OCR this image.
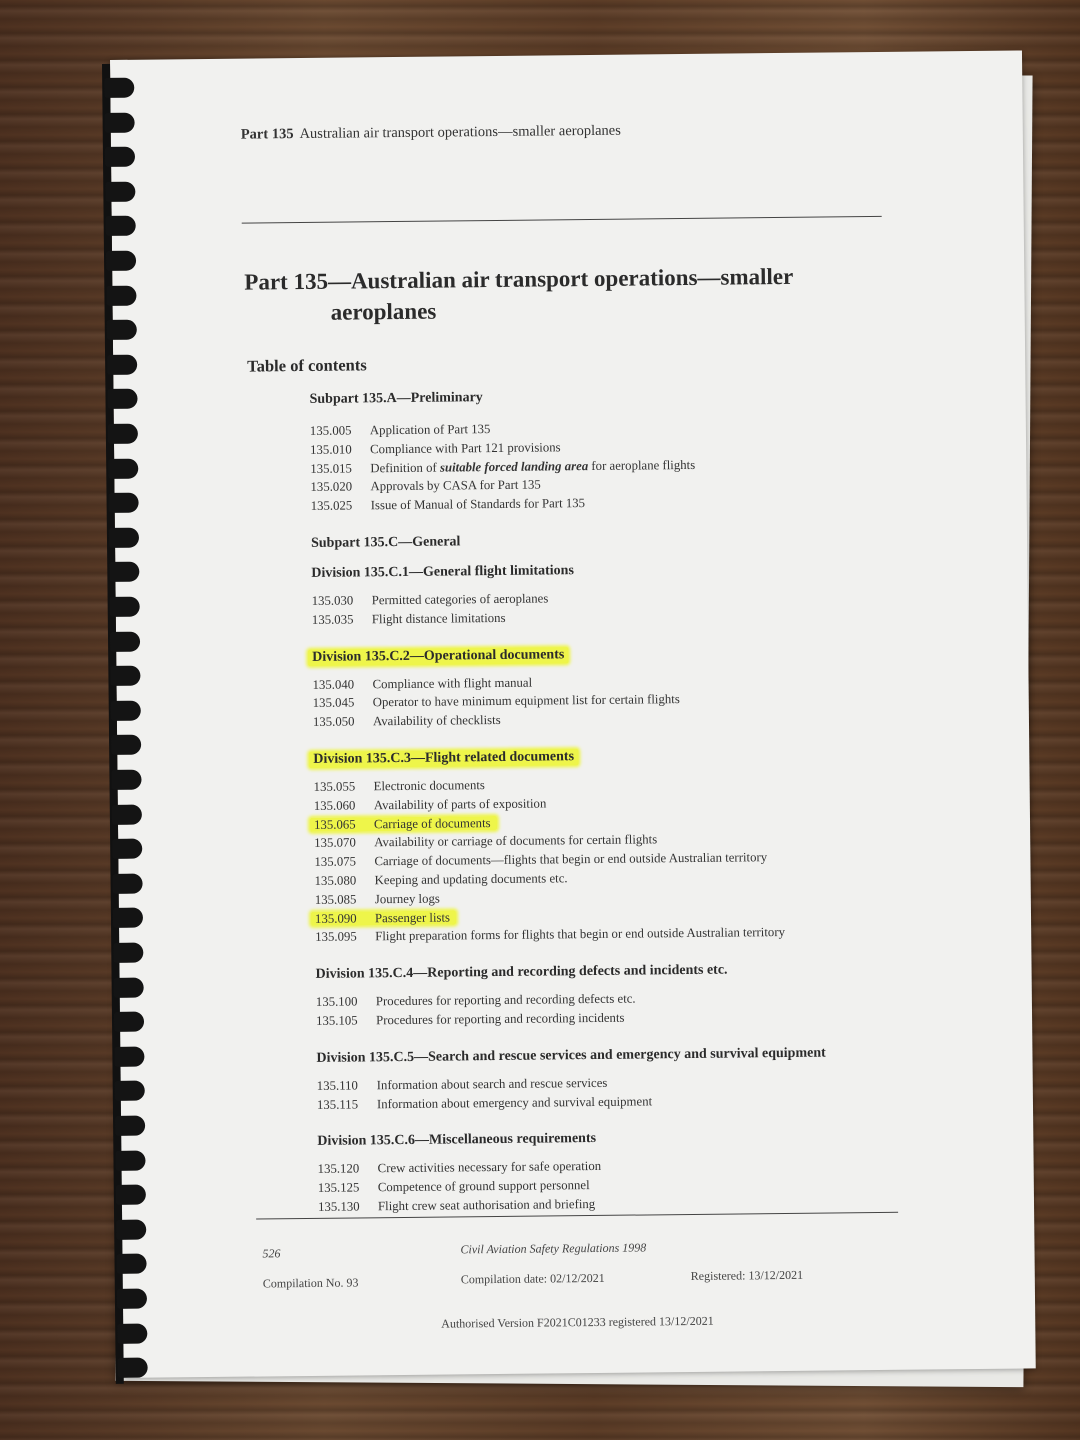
Part 135 Australian air transport operations—smaller aeroplanes
Part 135—Australian air transport operations—smaller
aeroplanes
Table of contents
Subpart 135.A—Preliminary
135.005 Application of Part 135
135.010 Compliance with Part 121 provisions
135.015 Definition of suitable forced landing area for aeroplane flights
135.020 Approvals by CASA for Part 135
135.025 Issue of Manual of Standards for Part 135
Subpart 135.C—General
Division 135.C.1—General flight limitations
135.030 Permitted categories of aeroplanes
135.035 Flight distance limitations
Division 135.C.2—Operational documents
135.040 Compliance with flight manual
135.045 Operator to have minimum equipment list for certain flights
135.050 Availability of checklists
Division 135.C.3—Flight related documents
135.055 Electronic documents
135.060 Availability of parts of exposition
135.065 Carriage of documents
135.070 Availability or carriage of documents for certain flights
135.075 Carriage of documents—flights that begin or end outside Australian territory
135.080 Keeping and updating documents etc.
135.085 Journey logs
135.090 Passenger lists
135.095 Flight preparation forms for flights that begin or end outside Australian territory
Division 135.C.4—Reporting and recording defects and incidents etc.
135.100 Procedures for reporting and recording defects etc.
135.105 Procedures for reporting and recording incidents
Division 135.C.5—Search and rescue services and emergency and survival equipment
135.110 Information about search and rescue services
135.115 Information about emergency and survival equipment
Division 135.C.6—Miscellaneous requirements
135.120 Crew activities necessary for safe operation
135.125 Competence of ground support personnel
135.130 Flight crew seat authorisation and briefing
526	Civil Aviation Safety Regulations 1998
Compilation No. 93	Compilation date: 02/12/2021	Registered: 13/12/2021
Authorised Version F2021C01233 registered 13/12/2021
